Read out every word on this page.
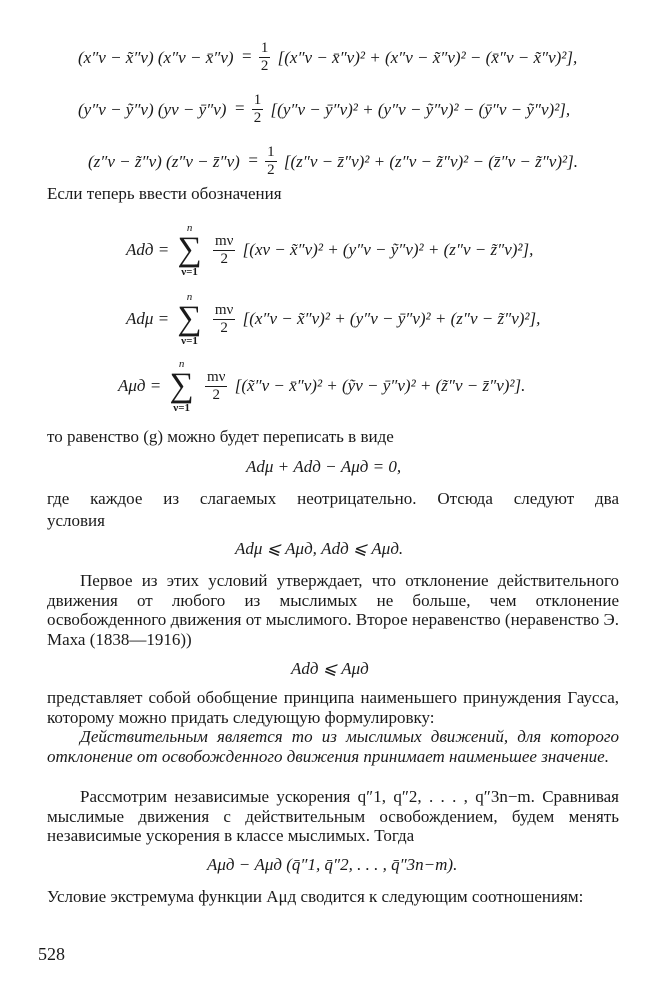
(x″ν − x̃″ν) (x″ν − x̄″ν)  = $\frac{1}{2} [(x''\nu$ − x̄″ν)² + (x″ν − x̃″ν)² − (x̄″ν − x̃″ν)²],
(y″ν − ỹ″ν) (yν − ȳ″ν)  = $\frac{1}{2} [(y''\nu$ − ȳ″ν)² + (y″ν − ỹ″ν)² − (ȳ″ν − ỹ″ν)²],
(z″ν − z̃″ν) (z″ν − z̄″ν)  = $\frac{1}{2} [(z''\nu$ − z̄″ν)² + (z″ν − z̃″ν)² − (z̄″ν − z̃″ν)²].
Если теперь ввести обозначения
Adд =
n
∑
ν=1

$\frac{m\nu}{2} [(x\nu$ − x̃″ν)² + (y″ν − ỹ″ν)² + (z″ν − z̃″ν)²],
Adμ =
n
∑
ν=1

$\frac{m\nu}{2} [(x''\nu$ − x̃″ν)² + (y″ν − ȳ″ν)² + (z″ν − z̃″ν)²],
Aμд =
n
∑
ν=1

$\frac{m\nu}{2}$ [(x̃″ν − x̄″ν)² + (ỹν − ȳ″ν)² + (z̃″ν − z̄″ν)²].
то равенство (g) можно будет переписать в виде
Adμ + Adд − Aμд = 0,
где каждое из слагаемых неотрицательно. Отсюда следуют два
условия
Adμ ⩽ Aμд, Adд ⩽ Aμд.
Первое из этих условий утверждает, что отклонение действительного движения от любого из мыслимых не больше, чем отклонение освобожденного движения от мыслимого. Второе неравенство (неравенство Э. Маха (1838—1916))
Adд ⩽ Aμд
представляет собой обобщение принципа наименьшего принуждения Гаусса, которому можно придать следующую формулировку:
Действительным является то из мыслимых движений, для которого отклонение от освобожденного движения принимает наименьшее значение.
Рассмотрим независимые ускорения q″1, q″2, . . . , q″3n−m. Сравнивая мыслимые движения с действительным освобождением, будем менять независимые ускорения в классе мыслимых. Тогда
Aμд − Aμд (q̄″1, q̄″2, . . . , q̄″3n−m).
Условие экстремума функции Aμд сводится к следующим соотношениям:
528
